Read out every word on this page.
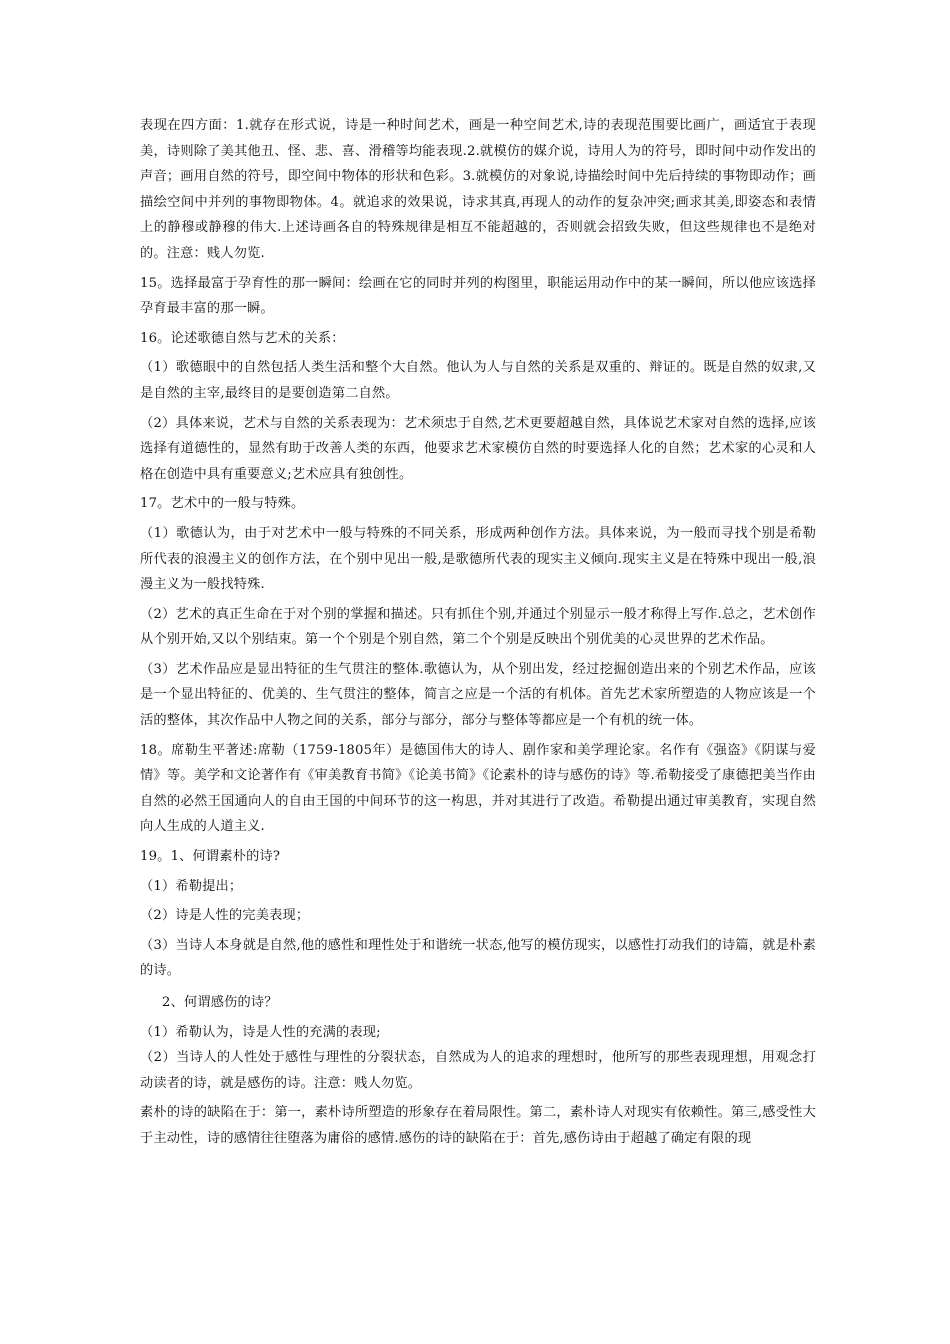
表现在四方面：1.就存在形式说，诗是一种时间艺术，画是一种空间艺术,诗的表现范围要比画广，画适宜于表现美，诗则除了美其他丑、怪、悲、喜、滑稽等均能表现.2.就模仿的媒介说，诗用人为的符号，即时间中动作发出的声音；画用自然的符号，即空间中物体的形状和色彩。3.就模仿的对象说,诗描绘时间中先后持续的事物即动作；画描绘空间中并列的事物即物体。4。就追求的效果说，诗求其真,再现人的动作的复杂冲突;画求其美,即姿态和表情上的静穆或静穆的伟大.上述诗画各自的特殊规律是相互不能超越的，否则就会招致失败，但这些规律也不是绝对的。注意：贱人勿览.

15。选择最富于孕育性的那一瞬间：绘画在它的同时并列的构图里，职能运用动作中的某一瞬间，所以他应该选择孕育最丰富的那一瞬。

16。论述歌德自然与艺术的关系：

（1）歌德眼中的自然包括人类生活和整个大自然。他认为人与自然的关系是双重的、辩证的。既是自然的奴隶,又是自然的主宰,最终目的是要创造第二自然。

（2）具体来说，艺术与自然的关系表现为：艺术须忠于自然,艺术更要超越自然，具体说艺术家对自然的选择,应该选择有道德性的，显然有助于改善人类的东西，他要求艺术家模仿自然的时要选择人化的自然；艺术家的心灵和人格在创造中具有重要意义;艺术应具有独创性。

17。艺术中的一般与特殊。

（1）歌德认为，由于对艺术中一般与特殊的不同关系，形成两种创作方法。具体来说，为一般而寻找个别是希勒所代表的浪漫主义的创作方法，在个别中见出一般,是歌德所代表的现实主义倾向.现实主义是在特殊中现出一般,浪漫主义为一般找特殊.

（2）艺术的真正生命在于对个别的掌握和描述。只有抓住个别,并通过个别显示一般才称得上写作.总之，艺术创作从个别开始,又以个别结束。第一个个别是个别自然，第二个个别是反映出个别优美的心灵世界的艺术作品。

（3）艺术作品应是显出特征的生气贯注的整体.歌德认为，从个别出发，经过挖掘创造出来的个别艺术作品，应该是一个显出特征的、优美的、生气贯注的整体，简言之应是一个活的有机体。首先艺术家所塑造的人物应该是一个活的整体，其次作品中人物之间的关系，部分与部分，部分与整体等都应是一个有机的统一体。

18。席勒生平著述:席勒（1759-1805年）是德国伟大的诗人、剧作家和美学理论家。名作有《强盗》《阴谋与爱情》等。美学和文论著作有《审美教育书简》《论美书简》《论素朴的诗与感伤的诗》等.希勒接受了康德把美当作由自然的必然王国通向人的自由王国的中间环节的这一构思，并对其进行了改造。希勒提出通过审美教育，实现自然向人生成的人道主义.

19。1、何谓素朴的诗?

（1）希勒提出；

（2）诗是人性的完美表现；

（3）当诗人本身就是自然,他的感性和理性处于和谐统一状态,他写的模仿现实，以感性打动我们的诗篇，就是朴素的诗。

2、何谓感伤的诗？

（1）希勒认为，诗是人性的充满的表现;

（2）当诗人的人性处于感性与理性的分裂状态，自然成为人的追求的理想时，他所写的那些表现理想，用观念打动读者的诗，就是感伤的诗。注意：贱人勿览。

素朴的诗的缺陷在于：第一，素朴诗所塑造的形象存在着局限性。第二，素朴诗人对现实有依赖性。第三,感受性大于主动性，诗的感情往往堕落为庸俗的感情.感伤的诗的缺陷在于：首先,感伤诗由于超越了确定有限的现
